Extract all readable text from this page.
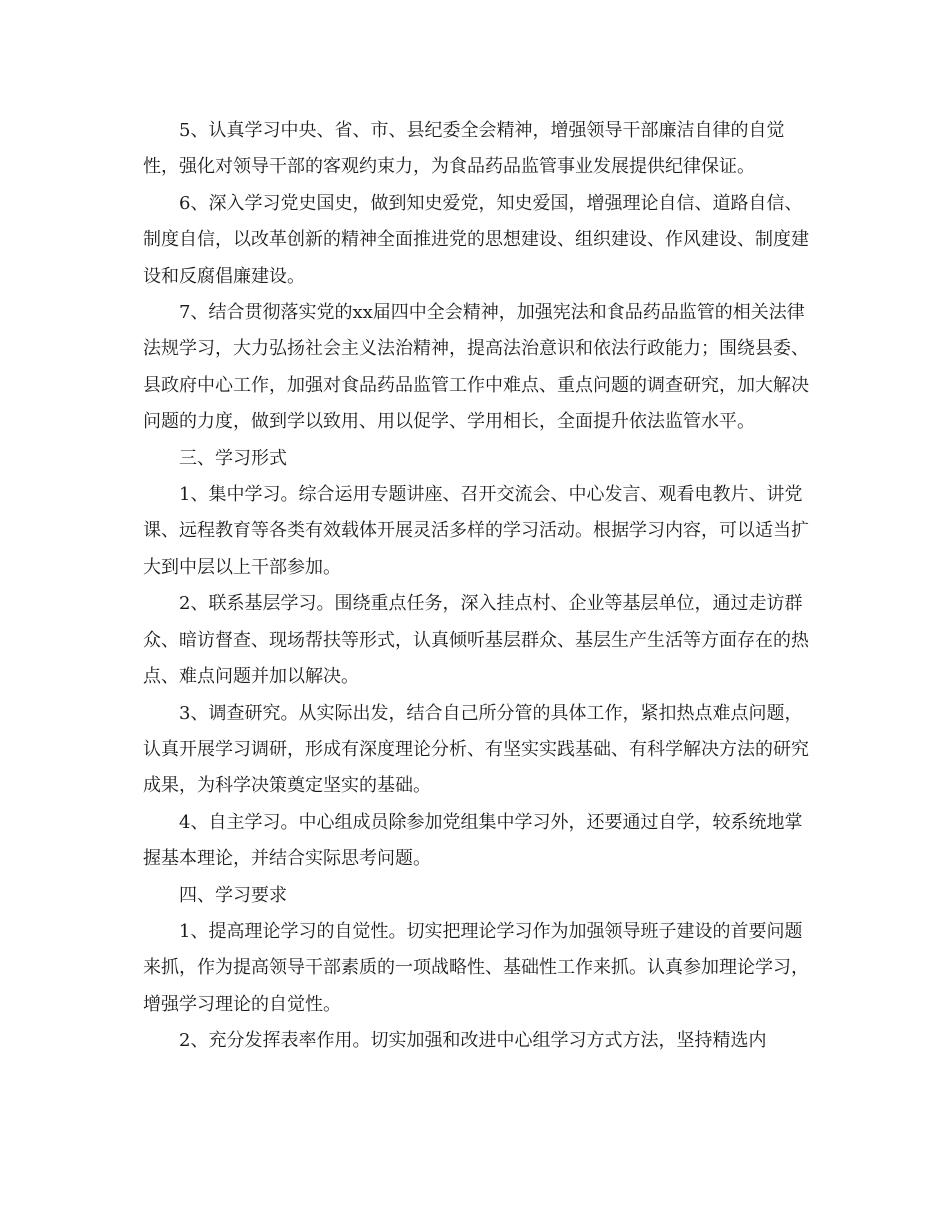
5、认真学习中央、省、市、县纪委全会精神，增强领导干部廉洁自律的自觉性，强化对领导干部的客观约束力，为食品药品监管事业发展提供纪律保证。

6、深入学习党史国史，做到知史爱党，知史爱国，增强理论自信、道路自信、制度自信，以改革创新的精神全面推进党的思想建设、组织建设、作风建设、制度建设和反腐倡廉建设。

7、结合贯彻落实党的xx届四中全会精神，加强宪法和食品药品监管的相关法律法规学习，大力弘扬社会主义法治精神，提高法治意识和依法行政能力；围绕县委、县政府中心工作，加强对食品药品监管工作中难点、重点问题的调查研究，加大解决问题的力度，做到学以致用、用以促学、学用相长，全面提升依法监管水平。

三、学习形式

1、集中学习。综合运用专题讲座、召开交流会、中心发言、观看电教片、讲党课、远程教育等各类有效载体开展灵活多样的学习活动。根据学习内容，可以适当扩大到中层以上干部参加。

2、联系基层学习。围绕重点任务，深入挂点村、企业等基层单位，通过走访群众、暗访督查、现场帮扶等形式，认真倾听基层群众、基层生产生活等方面存在的热点、难点问题并加以解决。

3、调查研究。从实际出发，结合自己所分管的具体工作，紧扣热点难点问题，认真开展学习调研，形成有深度理论分析、有坚实实践基础、有科学解决方法的研究成果，为科学决策奠定坚实的基础。

4、自主学习。中心组成员除参加党组集中学习外，还要通过自学，较系统地掌握基本理论，并结合实际思考问题。

四、学习要求

1、提高理论学习的自觉性。切实把理论学习作为加强领导班子建设的首要问题来抓，作为提高领导干部素质的一项战略性、基础性工作来抓。认真参加理论学习，增强学习理论的自觉性。

2、充分发挥表率作用。切实加强和改进中心组学习方式方法，坚持精选内
